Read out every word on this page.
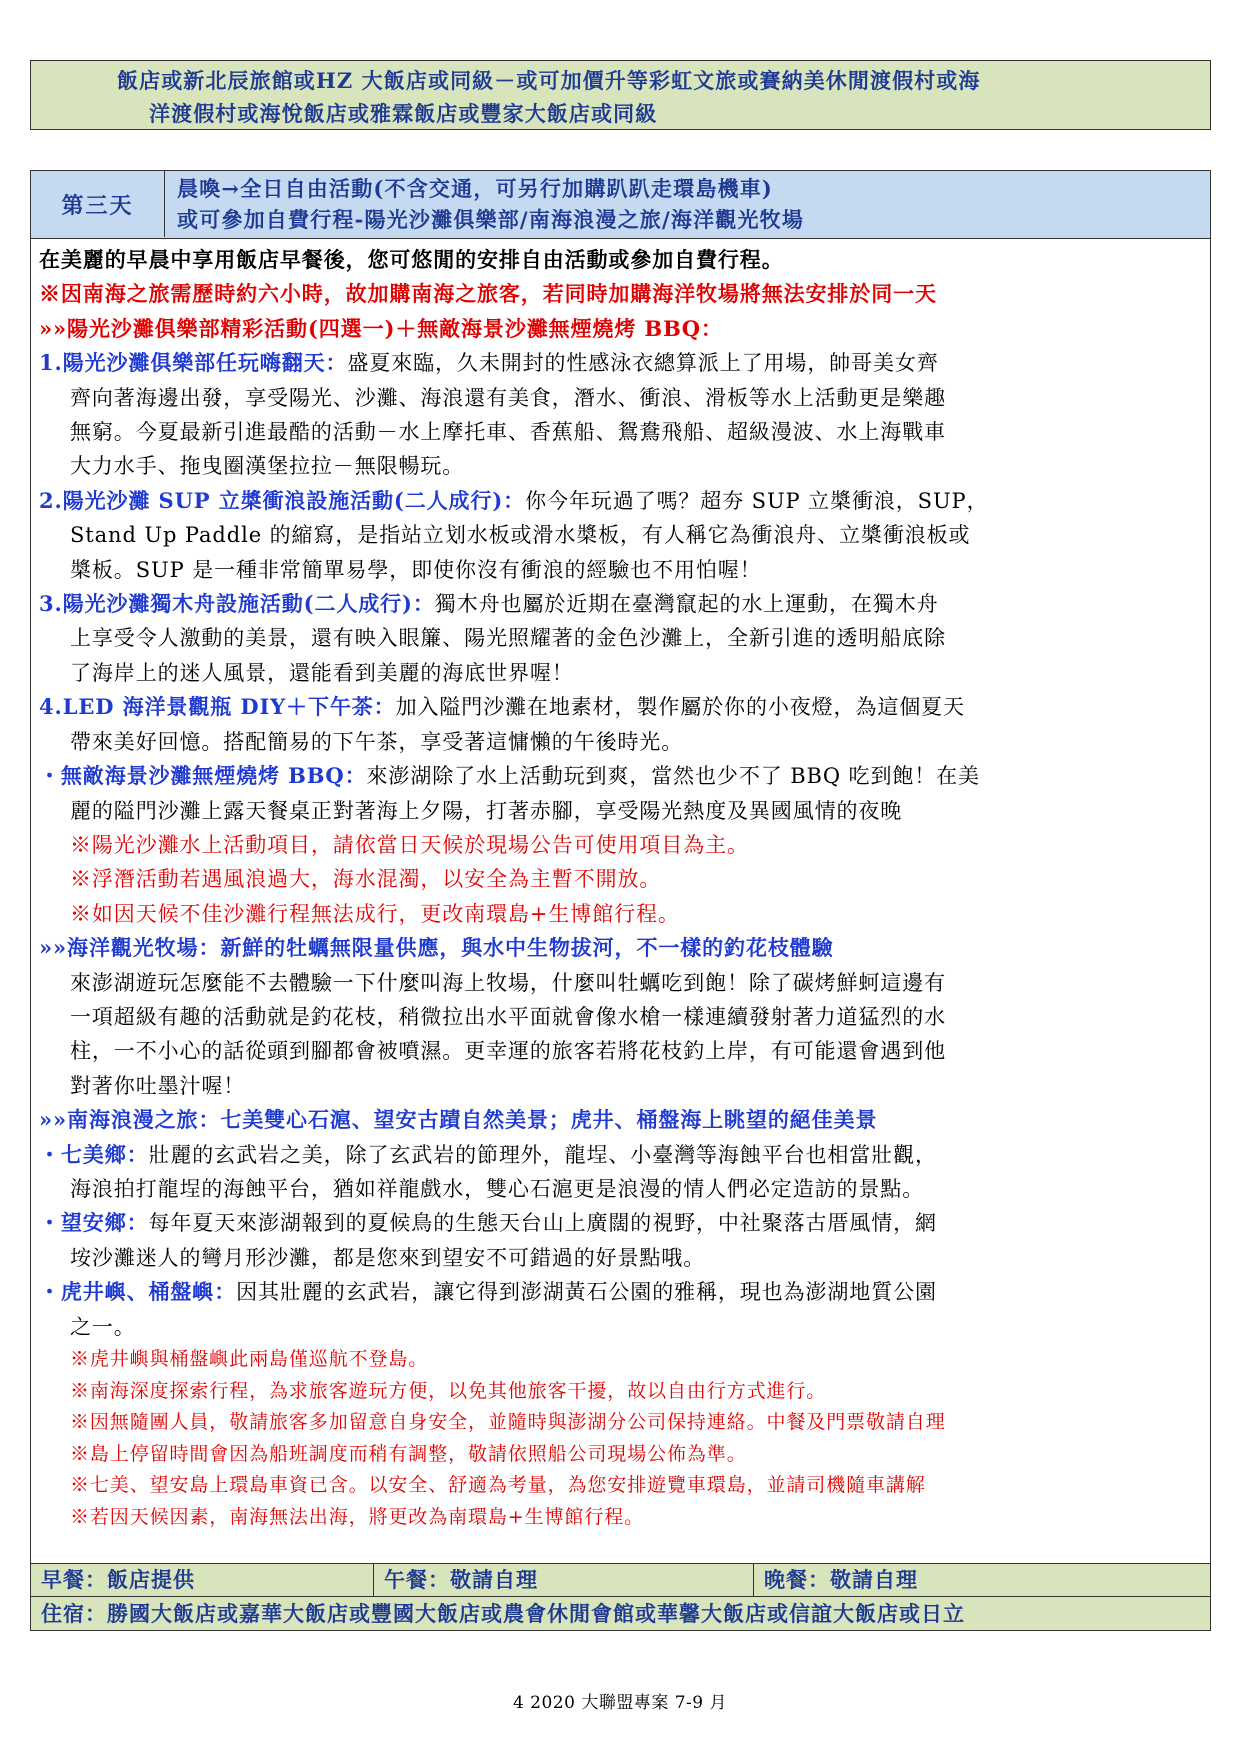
飯店或新北辰旅館或HZ 大飯店或同級－或可加價升等彩虹文旅或賽納美休閒渡假村或海
洋渡假村或海悅飯店或雅霖飯店或豐家大飯店或同級
第三天
晨喚→全日自由活動(不含交通，可另行加購趴趴走環島機車)
或可參加自費行程-陽光沙灘俱樂部/南海浪漫之旅/海洋觀光牧場
在美麗的早晨中享用飯店早餐後，您可悠閒的安排自由活動或參加自費行程。
※因南海之旅需歷時約六小時，故加購南海之旅客，若同時加購海洋牧場將無法安排於同一天
»»陽光沙灘俱樂部精彩活動(四選一)＋無敵海景沙灘無煙燒烤 BBQ：
1.陽光沙灘俱樂部任玩嗨翻天：盛夏來臨，久未開封的性感泳衣總算派上了用場，帥哥美女齊
齊向著海邊出發，享受陽光、沙灘、海浪還有美食，潛水、衝浪、滑板等水上活動更是樂趣
無窮。今夏最新引進最酷的活動－水上摩托車、香蕉船、鴛鴦飛船、超級漫波、水上海戰車
大力水手、拖曳圈漢堡拉拉－無限暢玩。
2.陽光沙灘 SUP 立槳衝浪設施活動(二人成行)：你今年玩過了嗎？超夯 SUP 立槳衝浪，SUP，
Stand Up Paddle 的縮寫，是指站立划水板或滑水槳板，有人稱它為衝浪舟、立槳衝浪板或
槳板。SUP 是一種非常簡單易學，即使你沒有衝浪的經驗也不用怕喔！
3.陽光沙灘獨木舟設施活動(二人成行)：獨木舟也屬於近期在臺灣竄起的水上運動，在獨木舟
上享受令人激動的美景，還有映入眼簾、陽光照耀著的金色沙灘上，全新引進的透明船底除
了海岸上的迷人風景，還能看到美麗的海底世界喔！
4.LED 海洋景觀瓶 DIY＋下午茶：加入隘門沙灘在地素材，製作屬於你的小夜燈，為這個夏天
帶來美好回憶。搭配簡易的下午茶，享受著這慵懶的午後時光。
・無敵海景沙灘無煙燒烤 BBQ：來澎湖除了水上活動玩到爽，當然也少不了 BBQ 吃到飽！在美
麗的隘門沙灘上露天餐桌正對著海上夕陽，打著赤腳，享受陽光熱度及異國風情的夜晚
※陽光沙灘水上活動項目，請依當日天候於現場公告可使用項目為主。
※浮潛活動若遇風浪過大，海水混濁，以安全為主暫不開放。
※如因天候不佳沙灘行程無法成行，更改南環島+生博館行程。
»»海洋觀光牧場：新鮮的牡蠣無限量供應，與水中生物拔河，不一樣的釣花枝體驗
來澎湖遊玩怎麼能不去體驗一下什麼叫海上牧場，什麼叫牡蠣吃到飽！除了碳烤鮮蚵這邊有
一項超級有趣的活動就是釣花枝，稍微拉出水平面就會像水槍一樣連續發射著力道猛烈的水
柱，一不小心的話從頭到腳都會被噴濕。更幸運的旅客若將花枝釣上岸，有可能還會遇到他
對著你吐墨汁喔！
»»南海浪漫之旅：七美雙心石滬、望安古蹟自然美景；虎井、桶盤海上眺望的絕佳美景
・七美鄉：壯麗的玄武岩之美，除了玄武岩的節理外，龍埕、小臺灣等海蝕平台也相當壯觀，
海浪拍打龍埕的海蝕平台，猶如祥龍戲水，雙心石滬更是浪漫的情人們必定造訪的景點。
・望安鄉：每年夏天來澎湖報到的夏候鳥的生態天台山上廣闊的視野，中社聚落古厝風情，網
垵沙灘迷人的彎月形沙灘，都是您來到望安不可錯過的好景點哦。
・虎井嶼、桶盤嶼：因其壯麗的玄武岩，讓它得到澎湖黃石公園的雅稱，現也為澎湖地質公園
之一。
※虎井嶼與桶盤嶼此兩島僅巡航不登島。
※南海深度探索行程，為求旅客遊玩方便，以免其他旅客干擾，故以自由行方式進行。
※因無隨團人員，敬請旅客多加留意自身安全，並隨時與澎湖分公司保持連絡。中餐及門票敬請自理
※島上停留時間會因為船班調度而稍有調整，敬請依照船公司現場公佈為準。
※七美、望安島上環島車資已含。以安全、舒適為考量，為您安排遊覽車環島，並請司機隨車講解
※若因天候因素，南海無法出海，將更改為南環島+生博館行程。
早餐：飯店提供	午餐：敬請自理	晚餐：敬請自理
住宿：勝國大飯店或嘉華大飯店或豐國大飯店或農會休閒會館或華馨大飯店或信誼大飯店或日立
4 2020 大聯盟專案 7-9 月
